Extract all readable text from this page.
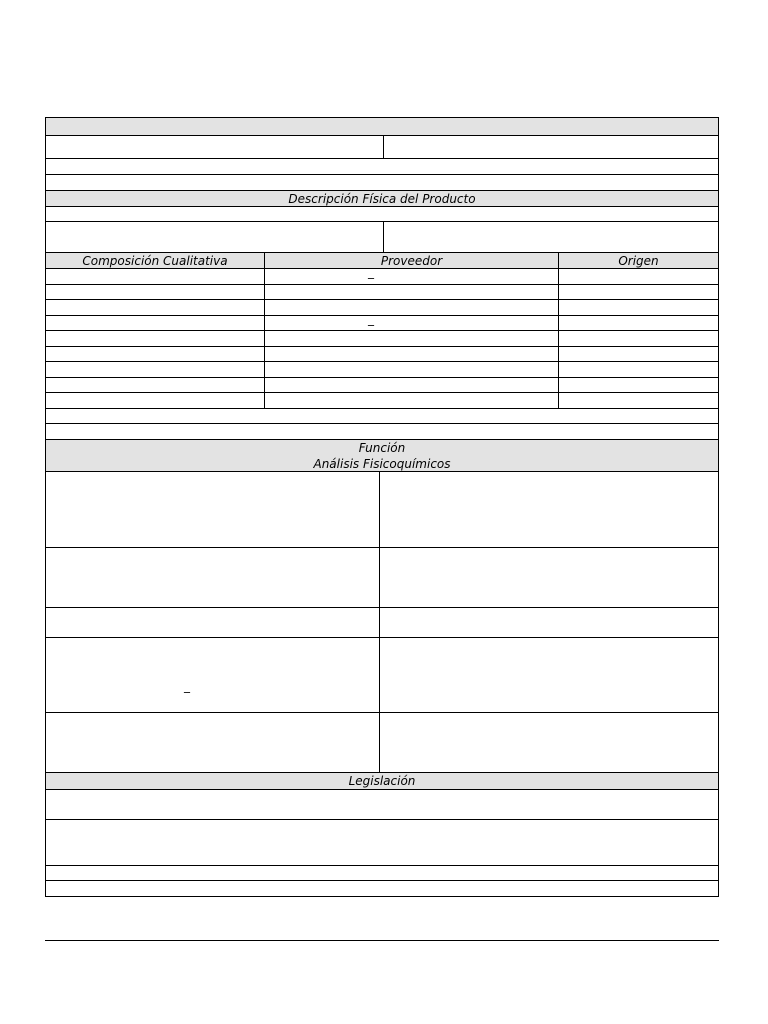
Descripción Física del Producto
Composición Cualitativa	Proveedor	Origen
_
_
Función
Análisis Fisicoquímicos
_
Legislación
